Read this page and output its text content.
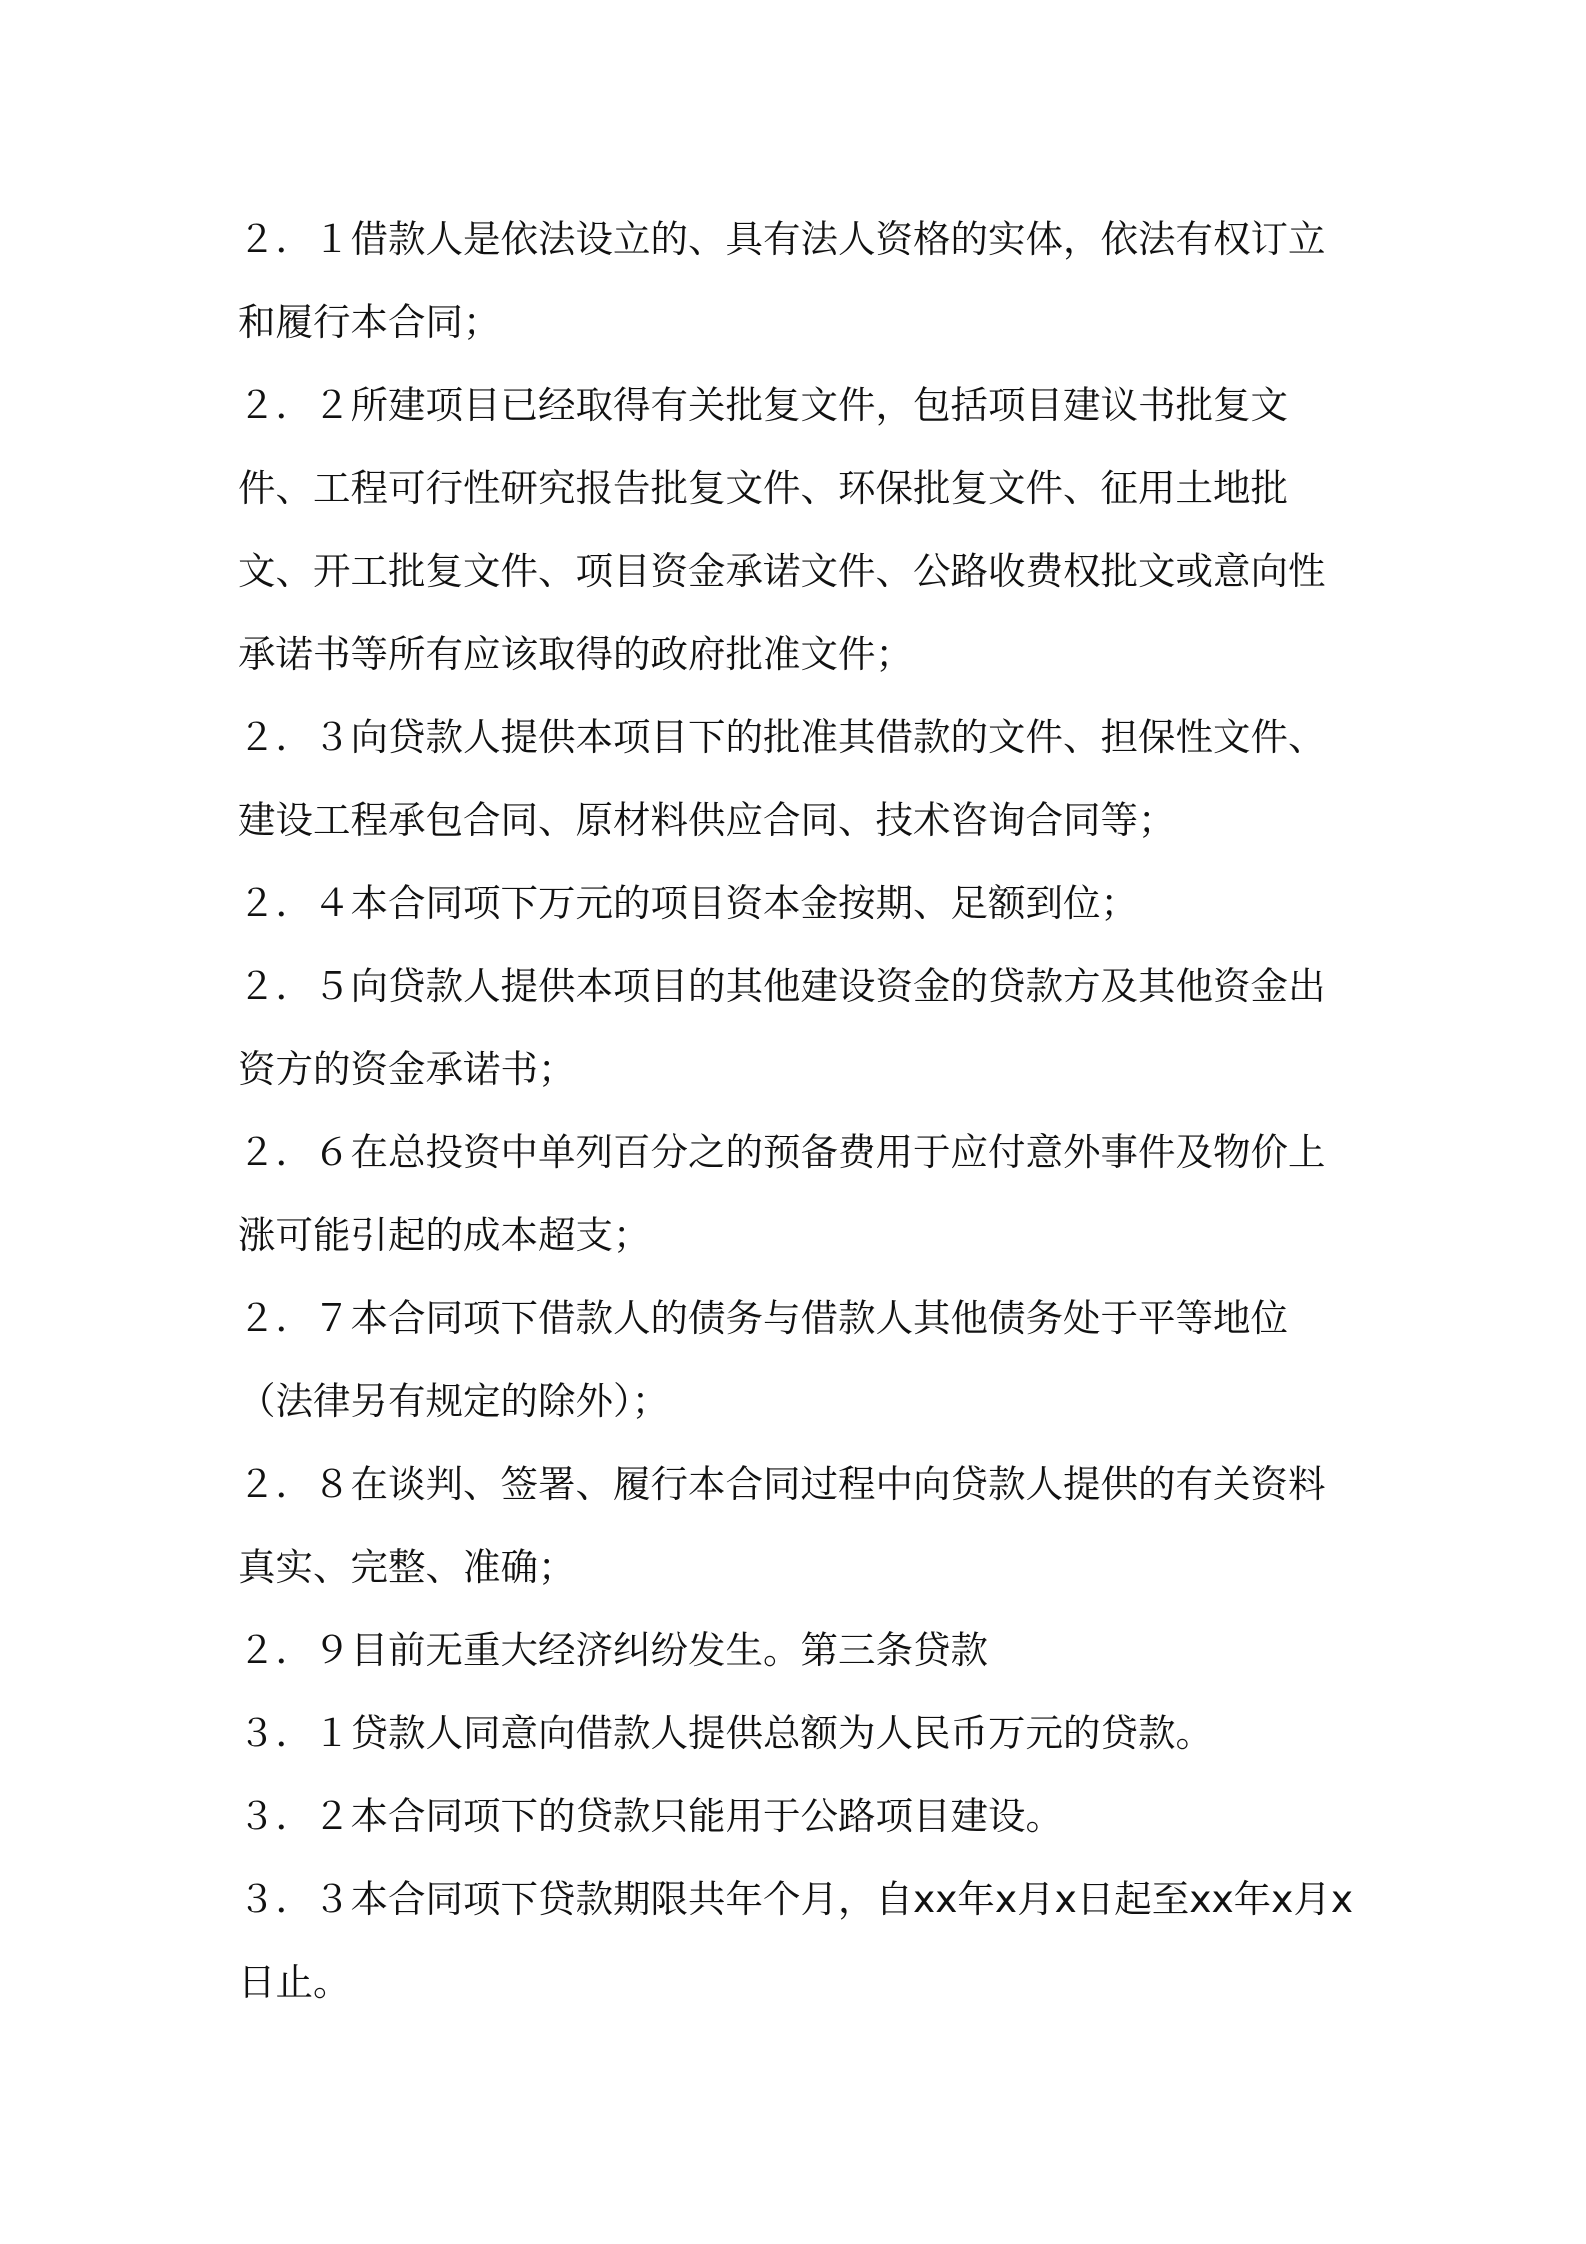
２．１借款人是依法设立的、具有法人资格的实体，依法有权订立和履行本合同；

２．２所建项目已经取得有关批复文件，包括项目建议书批复文件、工程可行性研究报告批复文件、环保批复文件、征用土地批文、开工批复文件、项目资金承诺文件、公路收费权批文或意向性承诺书等所有应该取得的政府批准文件；

２．３向贷款人提供本项目下的批准其借款的文件、担保性文件、建设工程承包合同、原材料供应合同、技术咨询合同等；

２．４本合同项下万元的项目资本金按期、足额到位；

２．５向贷款人提供本项目的其他建设资金的贷款方及其他资金出资方的资金承诺书；

２．６在总投资中单列百分之的预备费用于应付意外事件及物价上涨可能引起的成本超支；

２．７本合同项下借款人的债务与借款人其他债务处于平等地位（法律另有规定的除外）；

２．８在谈判、签署、履行本合同过程中向贷款人提供的有关资料真实、完整、准确；

２．９目前无重大经济纠纷发生。第三条贷款

３．１贷款人同意向借款人提供总额为人民币万元的贷款。

３．２本合同项下的贷款只能用于公路项目建设。

３．３本合同项下贷款期限共年个月，自xx年x月x日起至xx年x月x日止。
